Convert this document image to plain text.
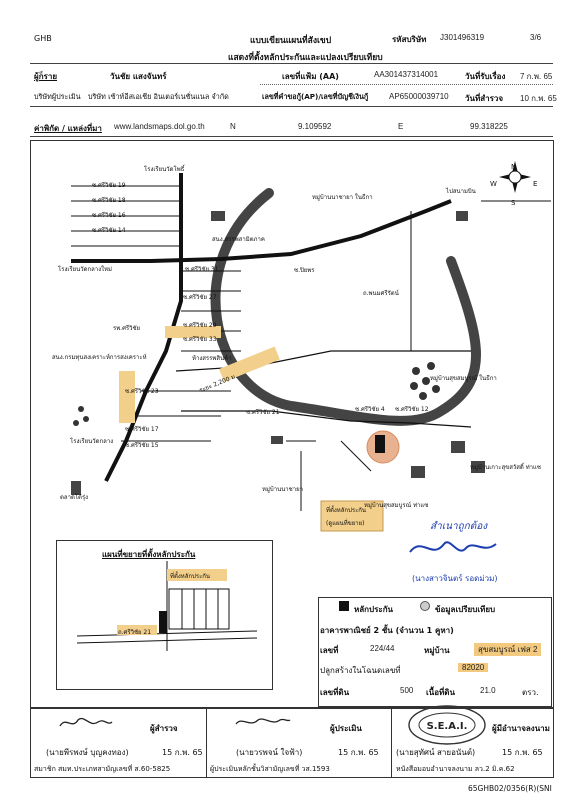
GHB	แบบเขียนแผนที่สังเขป	รหัสบริษัท J301496319	3/6
แสดงที่ตั้งหลักประกันและแปลงเปรียบเทียบ
ผู้ก็ราย	วันชัย แสงจันทร์	เลขที่แฟ้ม (AA)	AA301437314001	วันที่รับเรื่อง 7 ก.พ. 65
บริษัทผู้ประเมิน บริษัท เซ้าท์อีสเอเชีย อินเตอร์เนชั่นแนล จำกัด	เลขที่คำขอกู้(AP)/เลขที่บัญชีเงินกู้	AP65000039710 วันที่สำรวจ 10 ก.พ. 65
ค่าพิกัด / แหล่งที่มา www.landsmaps.dol.go.th	N	9.109592	E	99.318225
N
S
E
W
โรงเรียนวัดโพธิ์
ซ.ศรีวิชัย 19
ซ.ศรีวิชัย 18
ซ.ศรีวิชัย 16
ซ.ศรีวิชัย 14
ซ.ศรีวิชัย 31
ซ.ศรีวิชัย 27
ซ.ศรีวิชัย 29
ซ.ศรีวิชัย 33
ซ.ศรีวิชัย 21
ซ.ศรีวิชัย 23
ซ.ศรีวิชัย 17
ซ.ศรีวิชัย 15
ซ.ศรีวิชัย 4 ซ.ศรีวิชัย 12
หมู่บ้านนาชายา ในธีกา
สนง.สรรพสามิตภาค
โรงเรียนวัดกลางใหม่
รพ.ศรีวิชัย
สนง.กรมทุนสงเคราะห์การสงเคราะห์	ห้างสรรพสินค้า
โรงเรียนวัดกลาง
ซ.ปิยพร
ถ.พนมศรีรัตน์
หมู่บ้านสุขสมบูรณ์ ในธีกา
หมู่บ้านนาชายา
หมู่บ้านสุขสมบูรณ์ ท่าแซ
หมู่บ้านเกาะสุขสวัสดิ์ ท่าแซ
ไปสนามบิน
ตลาดโต้รุ่ง
ระยะ 2,200 ม.
ที่ตั้งหลักประกัน
(ดูแผนที่ขยาย)
แผนที่ขยายที่ตั้งหลักประกัน
ที่ตั้งหลักประกัน
ถ.ศรีวิชัย 21
สำเนาถูกต้อง
(นางสาวจินตร์ รอดม่วม)
หลักประกัน	ข้อมูลเปรียบเทียบ
อาคารพาณิชย์ 2 ชั้น (จำนวน 1 คูหา)
เลขที่	224/44	หมู่บ้าน	สุขสมบูรณ์ เฟส 2
ปลูกสร้างในโฉนดเลขที่	82020
เลขที่ดิน	500 เนื้อที่ดิน	21.0	ตรว.
ผู้สำรวจ
(นายพีรพงษ์ บุญคงทอง)	15 ก.พ. 65
สมาชิก สมท.ประเภทสามัญเลขที่ ส.60-5825
ผู้ประเมิน
(นายวรพจน์ ใจฟ้า)	15 ก.พ. 65
ผู้ประเมินหลักชั้นวิสามัญเลขที่ วส.1593
S.E.A.I.	ผู้มีอำนาจลงนาม
(นายสุทัศน์ สายอนันต์)	15 ก.พ. 65
หนังสือมอบอำนาจลงนาม ลว.2 มิ.ค.62
65GHB02/0356(R)(SNI
